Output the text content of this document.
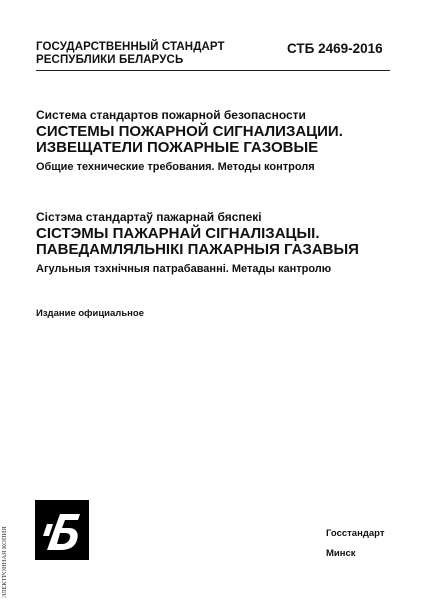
ГОСУДАРСТВЕННЫЙ СТАНДАРТ
РЕСПУБЛИКИ БЕЛАРУСЬ
СТБ 2469-2016
Система стандартов пожарной безопасности
СИСТЕМЫ ПОЖАРНОЙ СИГНАЛИЗАЦИИ.
ИЗВЕЩАТЕЛИ ПОЖАРНЫЕ ГАЗОВЫЕ
Общие технические требования. Методы контроля
Сістэма стандартаў пажарнай бяспекі
СІСТЭМЫ ПАЖАРНАЙ СІГНАЛІЗАЦЫІ.
ПАВЕДАМЛЯЛЬНІКІ ПАЖАРНЫЯ ГАЗАВЫЯ
Агульныя тэхнічныя патрабаванні. Метады кантролю
Издание официальное
Госстандарт
Минск
ЭЛЕКТРОННАЯ КОПИЯ
